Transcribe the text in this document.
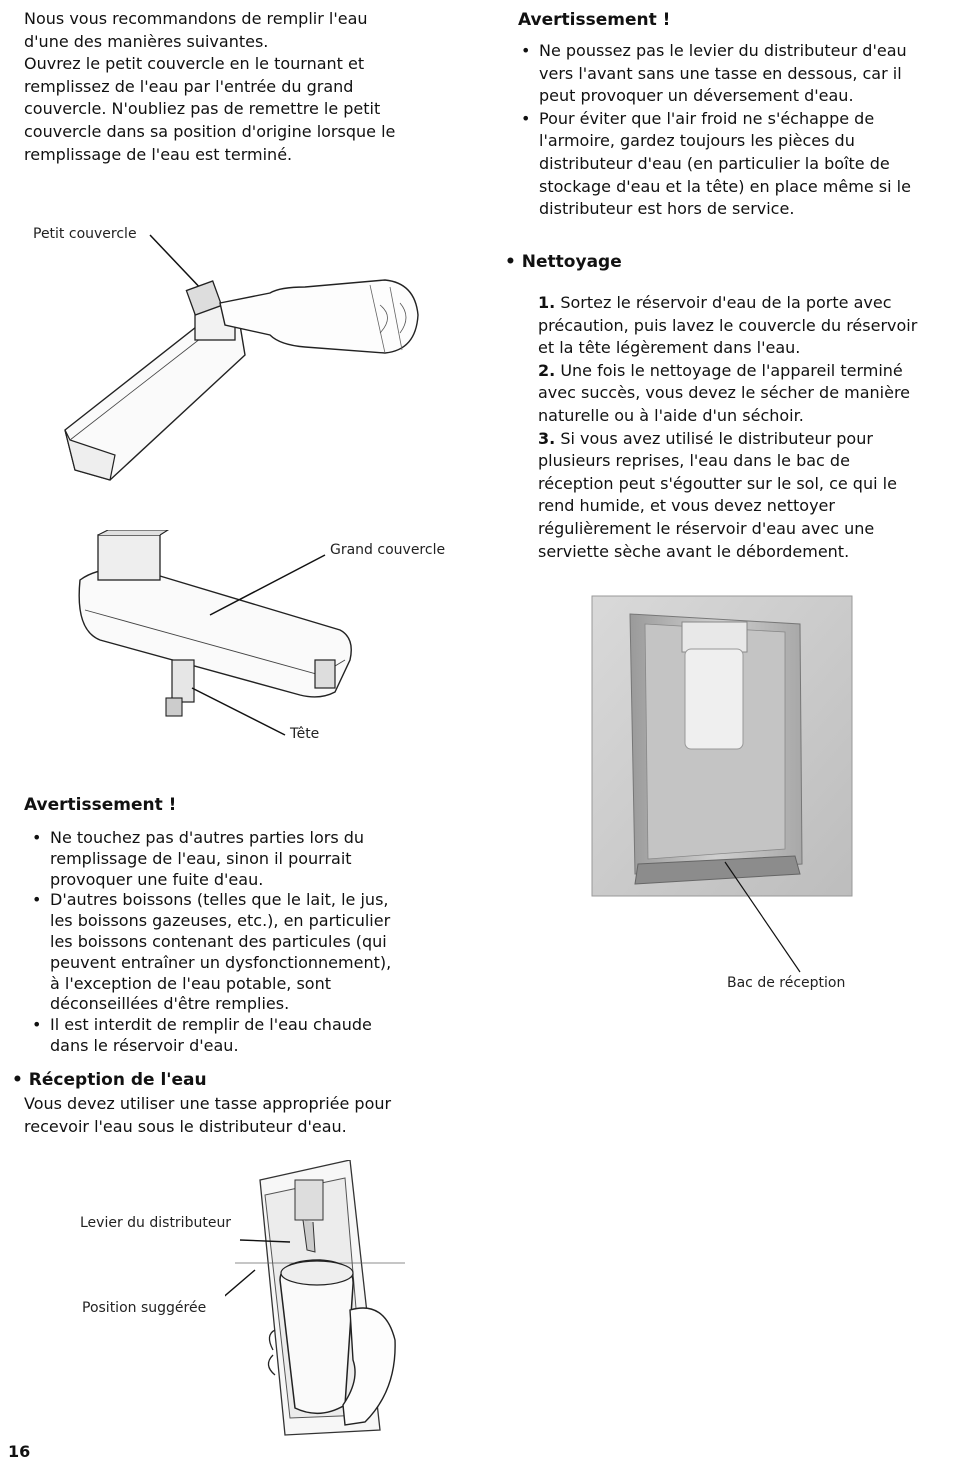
Nous vous recommandons de remplir l'eau
d'une des manières suivantes.
Ouvrez le petit couvercle en le tournant et
remplissez de l'eau par l'entrée du grand
couvercle. N'oubliez pas de remettre le petit
couvercle dans sa position d'origine lorsque le
remplissage de l'eau est terminé.
Petit couvercle
Grand couvercle
Tête
Avertissement !
• Ne touchez pas d'autres parties lors du
remplissage de l'eau, sinon il pourrait
provoquer une fuite d'eau.
• D'autres boissons (telles que le lait, le jus,
les boissons gazeuses, etc.), en particulier
les boissons contenant des particules (qui
peuvent entraîner un dysfonctionnement),
à l'exception de l'eau potable, sont
déconseillées d'être remplies.
• Il est interdit de remplir de l'eau chaude
dans le réservoir d'eau.
• Réception de l'eau
Vous devez utiliser une tasse appropriée pour
recevoir l'eau sous le distributeur d'eau.
Levier du distributeur
Position suggérée
Avertissement !
• Ne poussez pas le levier du distributeur d'eau
vers l'avant sans une tasse en dessous, car il
peut provoquer un déversement d'eau.
• Pour éviter que l'air froid ne s'échappe de
l'armoire, gardez toujours les pièces du
distributeur d'eau (en particulier la boîte de
stockage d'eau et la tête) en place même si le
distributeur est hors de service.
• Nettoyage

1. Sortez le réservoir d'eau de la porte avec
précaution, puis lavez le couvercle du réservoir
et la tête légèrement dans l'eau.

2. Une fois le nettoyage de l'appareil terminé
avec succès, vous devez le sécher de manière
naturelle ou à l'aide d'un séchoir.

3. Si vous avez utilisé le distributeur pour
plusieurs reprises, l'eau dans le bac de
réception peut s'égoutter sur le sol, ce qui le
rend humide, et vous devez nettoyer
régulièrement le réservoir d'eau avec une
serviette sèche avant le débordement.

Bac de réception
16
